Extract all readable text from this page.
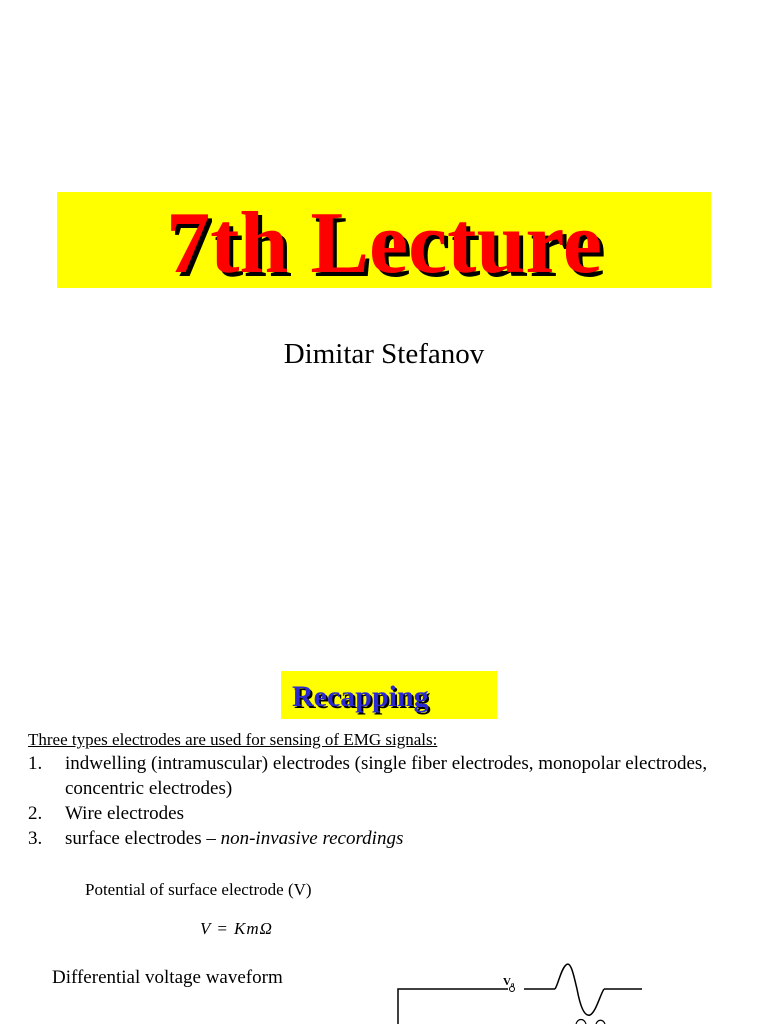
7th Lecture
Dimitar Stefanov
Recapping
Three types electrodes are used for sensing of EMG signals:
1. indwelling (intramuscular) electrodes (single fiber electrodes, monopolar electrodes, concentric electrodes)
2. Wire electrodes
3. surface electrodes – non-invasive recordings
Potential of surface electrode (V)
V = KmΩ
Differential voltage waveform	V₀
